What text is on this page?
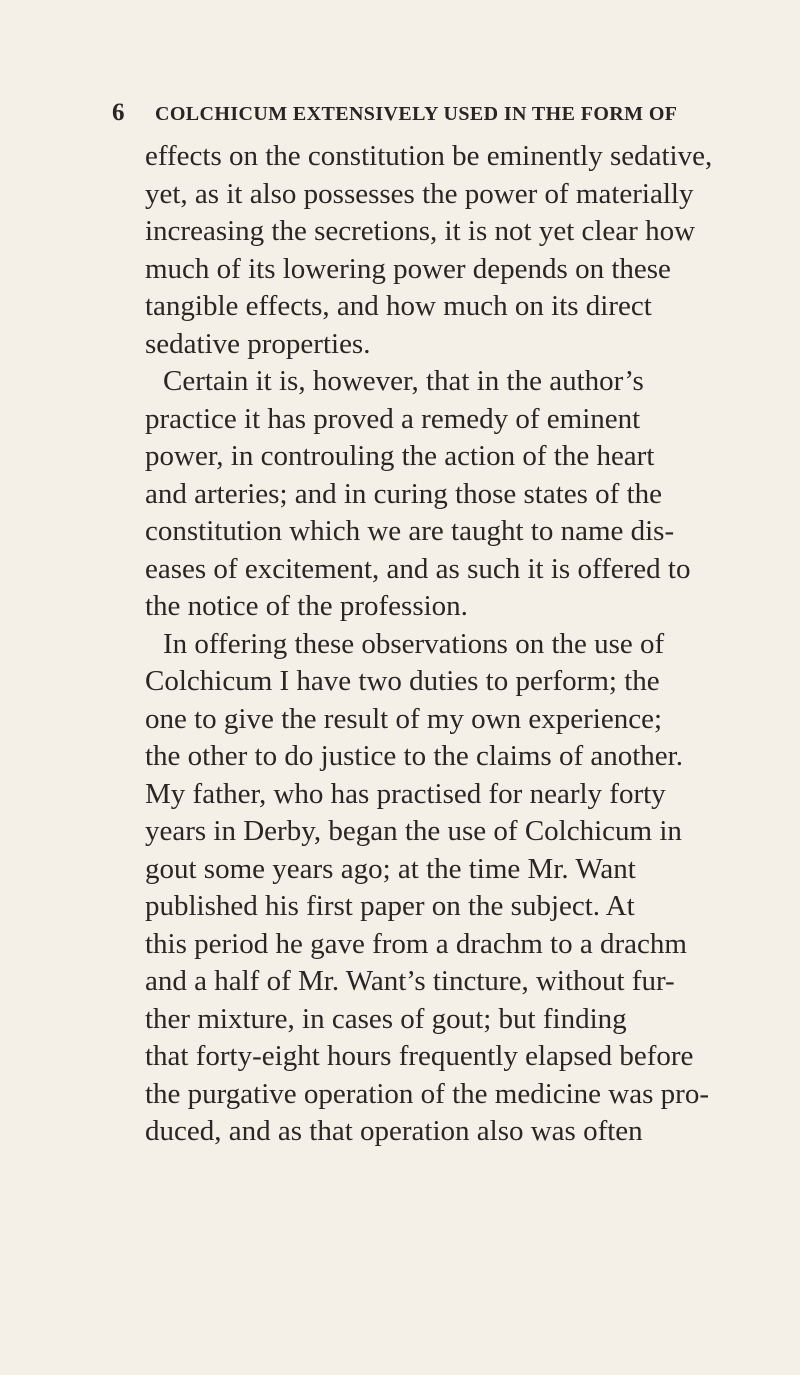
6 COLCHICUM EXTENSIVELY USED IN THE FORM OF
effects on the constitution be eminently sedative,
yet, as it also possesses the power of materially
increasing the secretions, it is not yet clear how
much of its lowering power depends on these
tangible effects, and how much on its direct
sedative properties.
Certain it is, however, that in the author’s
practice it has proved a remedy of eminent
power, in controuling the action of the heart
and arteries; and in curing those states of the
constitution which we are taught to name dis-
eases of excitement, and as such it is offered to
the notice of the profession.
In offering these observations on the use of
Colchicum I have two duties to perform; the
one to give the result of my own experience;
the other to do justice to the claims of another.
My father, who has practised for nearly forty
years in Derby, began the use of Colchicum in
gout some years ago; at the time Mr. Want
published his first paper on the subject. At
this period he gave from a drachm to a drachm
and a half of Mr. Want’s tincture, without fur-
ther mixture, in cases of gout; but finding
that forty-eight hours frequently elapsed before
the purgative operation of the medicine was pro-
duced, and as that operation also was often
